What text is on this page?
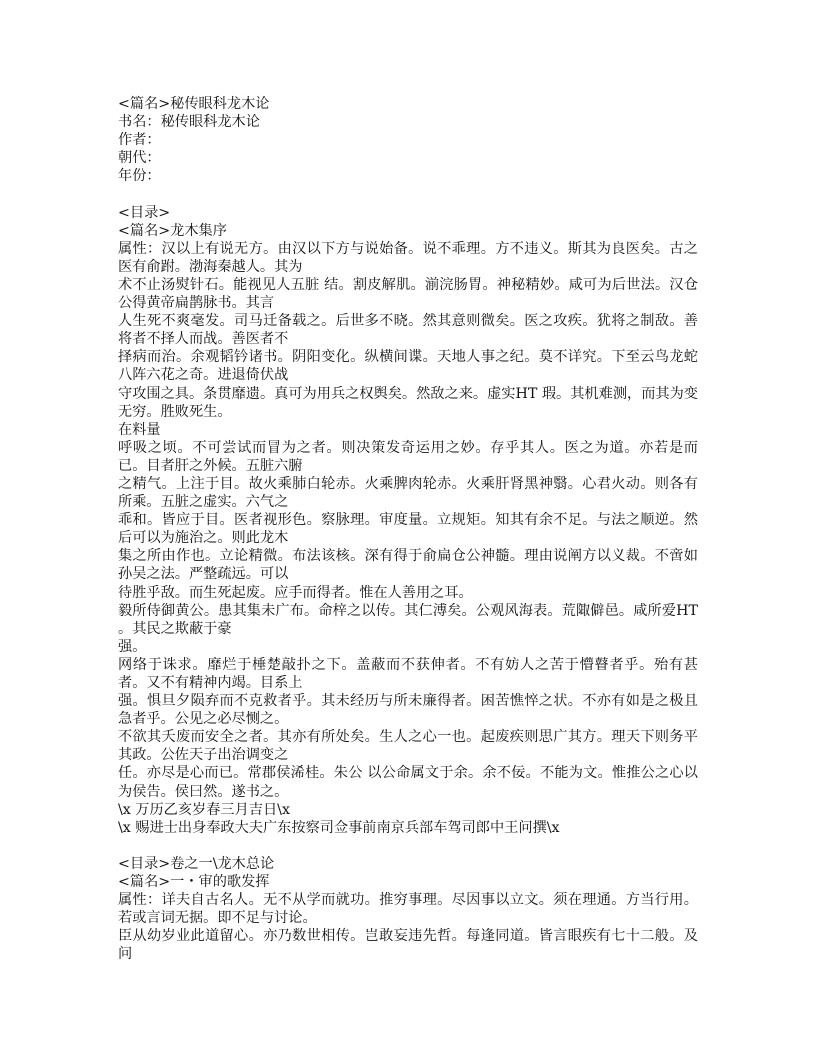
<篇名>秘传眼科龙木论
书名：秘传眼科龙木论
作者：
朝代：
年份：
<目录>
<篇名>龙木集序
属性：汉以上有说无方。由汉以下方与说始备。说不乖理。方不违义。斯其为良医矣。古之医有俞跗。渤海秦越人。其为
术不止汤熨针石。能视见人五脏 结。割皮解肌。湔浣肠胃。神秘精妙。咸可为后世法。汉仓公得黄帝扁鹊脉书。其言
人生死不爽毫发。司马迁备载之。后世多不晓。然其意则微矣。医之攻疾。犹将之制敌。善将者不择人而战。善医者不
择病而治。余观韬钤诸书。阴阳变化。纵横间谍。天地人事之纪。莫不详究。下至云鸟龙蛇八阵六花之奇。进退倚伏战
守攻围之具。条贯靡遗。真可为用兵之权舆矣。然敌之来。虚实HT 瑕。其机难测，而其为变无穷。胜败死生。
在料量
呼吸之顷。不可尝试而冒为之者。则决策发奇运用之妙。存乎其人。医之为道。亦若是而已。目者肝之外候。五脏六腑
之精气。上注于目。故火乘肺白轮赤。火乘脾肉轮赤。火乘肝肾黑神翳。心君火动。则各有所乘。五脏之虚实。六气之
乖和。皆应于目。医者视形色。察脉理。审度量。立规矩。知其有余不足。与法之顺逆。然后可以为施治之。则此龙木
集之所由作也。立论精微。布法该核。深有得于俞扁仓公神髓。理由说阐方以义裁。不啻如孙吴之法。严整疏远。可以
待胜乎敌。而生死起废。应手而得者。惟在人善用之耳。
毅所侍御黄公。患其集未广布。命梓之以传。其仁溥矣。公观风海表。荒陬僻邑。咸所爱HT 。其民之欺蔽于豪
强。
网络于诛求。靡烂于棰楚敲扑之下。盖蔽而不获伸者。不有妨人之苦于懵瞽者乎。殆有甚者。又不有精神内竭。目系上
强。惧旦夕陨弃而不克救者乎。其未经历与所未廉得者。困苦憔悴之状。不亦有如是之极且急者乎。公见之必尽恻之。
不欲其夭废而安全之者。其亦有所处矣。生人之心一也。起废疾则思广其方。理天下则务平其政。公佐天子出治调变之
任。亦尽是心而已。常郡侯浠桂。朱公 以公命属文于余。余不佞。不能为文。惟推公之心以为侯告。侯曰然。遂书之。
\x 万历乙亥岁春三月吉日\x
\x 赐进士出身奉政大夫广东按察司佥事前南京兵部车驾司郎中王问撰\x
<目录>卷之一\龙木总论
<篇名>一・审的歌发挥
属性：详夫自古名人。无不从学而就功。推穷事理。尽因事以立文。须在理通。方当行用。若或言词无据。即不足与讨论。
臣从幼岁业此道留心。亦乃数世相传。岂敢妄违先哲。每逢同道。皆言眼疾有七十二般。及问
